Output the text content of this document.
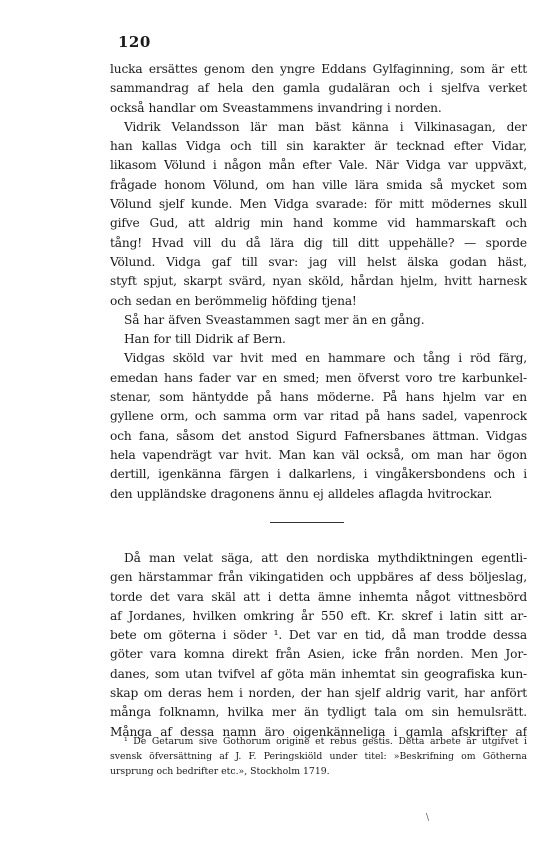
120
lucka ersättes genom den yngre Eddans Gylfaginning, som är ett
sammandrag af hela den gamla gudaläran och i sjelfva verket
också handlar om Sveastammens invandring i norden.
Vidrik Velandsson lär man bäst känna i Vilkinasagan, der
han kallas Vidga och till sin karakter är tecknad efter Vidar,
likasom Völund i någon mån efter Vale. När Vidga var uppväxt,
frågade honom Völund, om han ville lära smida så mycket som
Völund sjelf kunde. Men Vidga svarade: för mitt mödernes skull
gifve Gud, att aldrig min hand komme vid hammarskaft och
tång! Hvad vill du då lära dig till ditt uppehälle? — sporde
Völund. Vidga gaf till svar: jag vill helst älska godan häst,
styft spjut, skarpt svärd, nyan sköld, hårdan hjelm, hvitt harnesk
och sedan en berömmelig höfding tjena!
Så har äfven Sveastammen sagt mer än en gång.
Han for till Didrik af Bern.
Vidgas sköld var hvit med en hammare och tång i röd färg,
emedan hans fader var en smed; men öfverst voro tre karbunkel-
stenar, som häntydde på hans möderne. På hans hjelm var en
gyllene orm, och samma orm var ritad på hans sadel, vapenrock
och fana, såsom det anstod Sigurd Fafnersbanes ättman. Vidgas
hela vapendrägt var hvit. Man kan väl också, om man har ögon
dertill, igenkänna färgen i dalkarlens, i vingåkersbondens och i
den uppländske dragonens ännu ej alldeles aflagda hvitrockar.
Då man velat säga, att den nordiska mythdiktningen egentli-
gen härstammar från vikingatiden och uppbäres af dess böljeslag,
torde det vara skäl att i detta ämne inhemta något vittnesbörd
af Jordanes, hvilken omkring år 550 eft. Kr. skref i latin sitt ar-
bete om göterna i söder ¹. Det var en tid, då man trodde dessa
göter vara komna direkt från Asien, icke från norden. Men Jor-
danes, som utan tvifvel af göta män inhemtat sin geografiska kun-
skap om deras hem i norden, der han sjelf aldrig varit, har anfört
många folknamn, hvilka mer än tydligt tala om sin hemulsrätt.
Många af dessa namn äro oigenkänneliga i gamla afskrifter af
¹ De Getarum sive Gothorum origine et rebus gestis. Detta arbete är utgifvet i
svensk öfversättning af J. F. Peringskiöld under titel: »Beskrifning om Götherna
ursprung och bedrifter etc.», Stockholm 1719.
\
